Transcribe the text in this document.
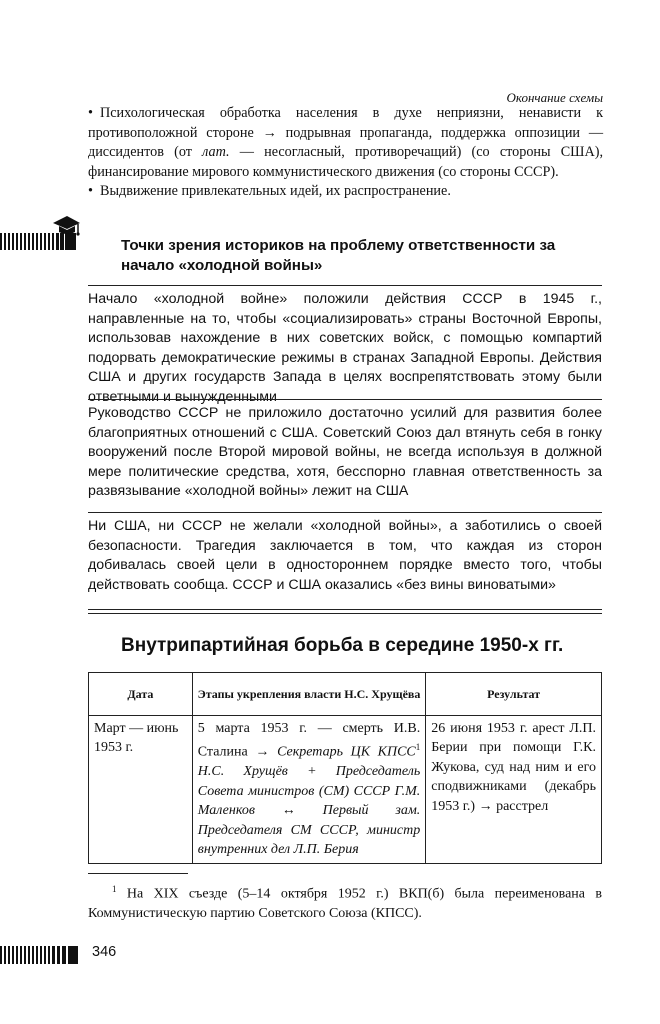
Окончание схемы

• Психологическая обработка населения в духе неприязни, ненависти к противоположной стороне → подрывная пропаганда, поддержка оппозиции — диссидентов (от лат. — несогласный, противоречащий) (со стороны США), финансирование мирового коммунистического движения (со стороны СССР).

• Выдвижение привлекательных идей, их распространение.

Точки зрения историков на проблему ответственности за начало «холодной войны»
Начало «холодной войне» положили действия СССР в 1945 г., направленные на то, чтобы «социализировать» страны Восточной Европы, использовав нахождение в них советских войск, с помощью компартий подорвать демократические режимы в странах Западной Европы. Действия США и других государств Запада в целях воспрепятствовать этому были ответными и вынужденными
Руководство СССР не приложило достаточно усилий для развития более благоприятных отношений с США. Советский Союз дал втянуть себя в гонку вооружений после Второй мировой войны, не всегда используя в должной мере политические средства, хотя, бесспорно главная ответственность за развязывание «холодной войны» лежит на США
Ни США, ни СССР не желали «холодной войны», а заботились о своей безопасности. Трагедия заключается в том, что каждая из сторон добивалась своей цели в одностороннем порядке вместо того, чтобы действовать сообща. СССР и США оказались «без вины виноватыми»
Внутрипартийная борьба в середине 1950-х гг.
Дата	Этапы укрепления власти Н.С. Хрущёва	Результат
Март — июнь 1953 г.	5 марта 1953 г. — смерть И.В. Сталина → Секретарь ЦК КПСС$^1$ Н.С. Хрущёв + Председатель Совета министров (СМ) СССР Г.М. Маленков ↔ Первый зам. Председателя СМ СССР, министр внутренних дел Л.П. Берия	26 июня 1953 г. арест Л.П. Берии при помощи Г.К. Жукова, суд над ним и его сподвижниками (декабрь 1953 г.) → расстрел
$^1$ На XIX съезде (5–14 октября 1952 г.) ВКП(б) была переименована в Коммунистическую партию Советского Союза (КПСС).
346
